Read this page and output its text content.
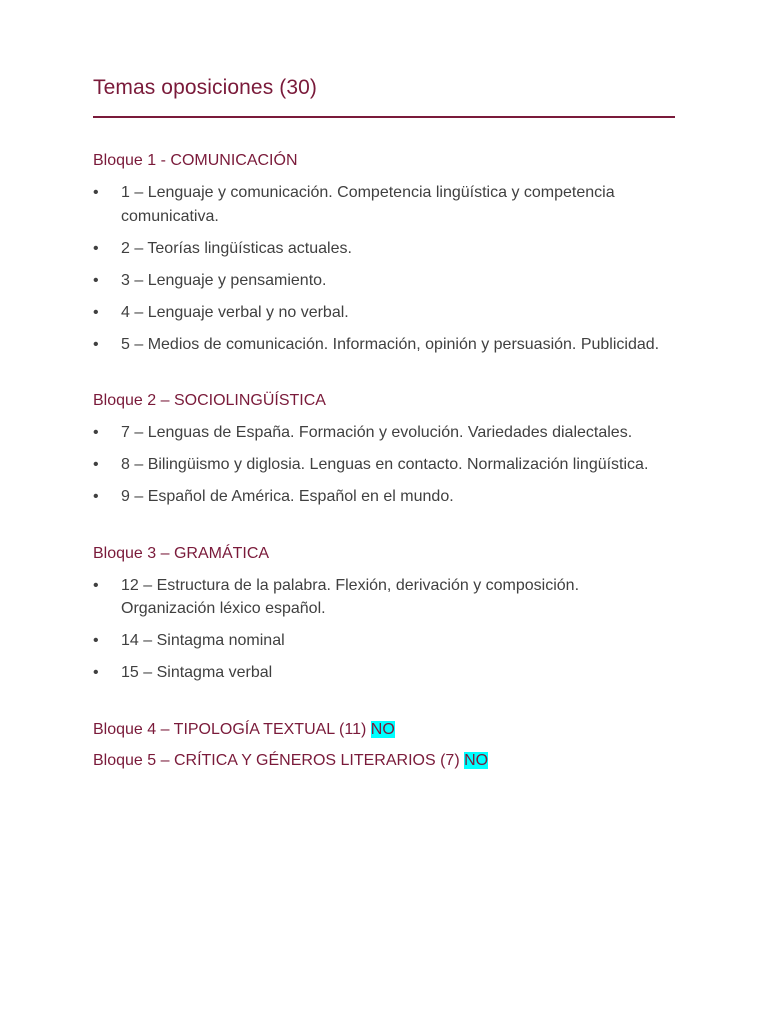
Temas oposiciones (30)
Bloque 1 - COMUNICACIÓN
• 1 – Lenguaje y comunicación. Competencia lingüística y competencia comunicativa.
• 2 – Teorías lingüísticas actuales.
• 3 – Lenguaje y pensamiento.
• 4 – Lenguaje verbal y no verbal.
• 5 – Medios de comunicación. Información, opinión y persuasión. Publicidad.
Bloque 2 – SOCIOLINGÜÍSTICA
• 7 – Lenguas de España. Formación y evolución. Variedades dialectales.
• 8 – Bilingüismo y diglosia. Lenguas en contacto. Normalización lingüística.
• 9 – Español de América. Español en el mundo.
Bloque 3 – GRAMÁTICA
• 12 – Estructura de la palabra. Flexión, derivación y composición. Organización léxico español.
• 14 – Sintagma nominal
• 15 – Sintagma verbal
Bloque 4 – TIPOLOGÍA TEXTUAL (11) NO
Bloque 5 – CRÍTICA Y GÉNEROS LITERARIOS (7) NO
